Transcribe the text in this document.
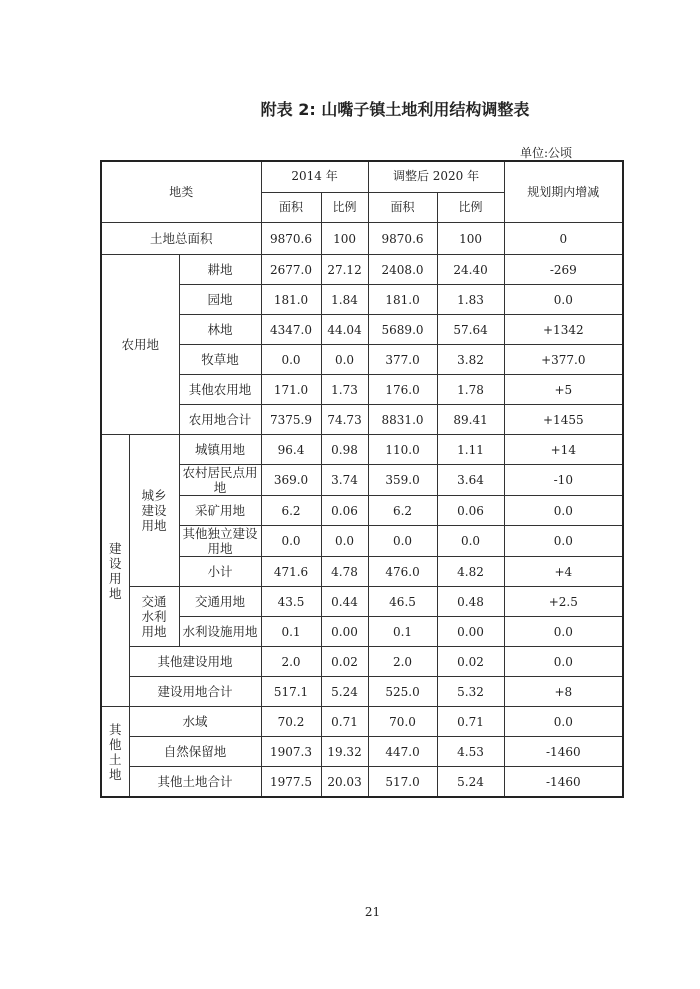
附表 2: 山嘴子镇土地利用结构调整表
单位:公顷
地类			2014 年		调整后 2020 年		规划期内增减
			面积	比例	面积	比例	
土地总面积			9870.6	100	9870.6	100	0
农用地		耕地	2677.0	27.12	2408.0	24.40	-269
		园地	181.0	1.84	181.0	1.83	0.0
		林地	4347.0	44.04	5689.0	57.64	+1342
		牧草地	0.0	0.0	377.0	3.82	+377.0
		其他农用地	171.0	1.73	176.0	1.78	+5
		农用地合计	7375.9	74.73	8831.0	89.41	+1455
建设用地	城乡建设用地	城镇用地	96.4	0.98	110.0	1.11	+14
		农村居民点用地	369.0	3.74	359.0	3.64	-10
		采矿用地	6.2	0.06	6.2	0.06	0.0
		其他独立建设用地	0.0	0.0	0.0	0.0	0.0
		小计	471.6	4.78	476.0	4.82	+4
	交通水利用地	交通用地	43.5	0.44	46.5	0.48	+2.5
		水利设施用地	0.1	0.00	0.1	0.00	0.0
	其他建设用地		2.0	0.02	2.0	0.02	0.0
	建设用地合计		517.1	5.24	525.0	5.32	+8
其他土地	水域		70.2	0.71	70.0	0.71	0.0
	自然保留地		1907.3	19.32	447.0	4.53	-1460
	其他土地合计		1977.5	20.03	517.0	5.24	-1460
21
